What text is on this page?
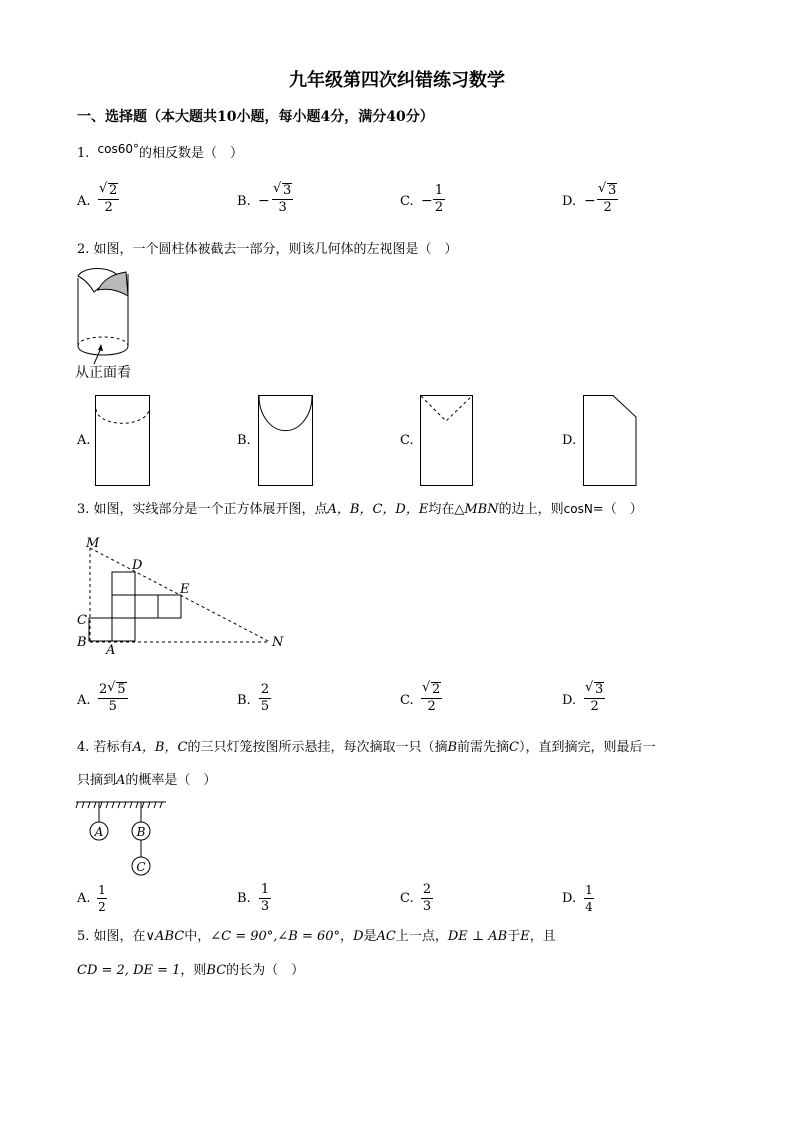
九年级第四次纠错练习数学
一、选择题（本大题共10小题，每小题4分，满分40分）
1. cos60°的相反数是（　）
A. $\frac{√ 2}{2}$	B. − $\frac{√ 3}{3}$	C. − $\frac{1}{2}$	D. − $\frac{√ 3}{2}$
2. 如图，一个圆柱体被截去一部分，则该几何体的左视图是（　）
从正面看
A.	B.	C.	D.
3. 如图，实线部分是一个正方体展开图，点A，B，C，D，E均在△MBN的边上，则cosN=（　）
M
D
E
C
B
A
N
A. $\frac{2 √ 5}{5}$	B. $\frac{2}{5}$	C. $\frac{√ 2}{2}$	D. $\frac{√ 3}{2}$
4. 若标有A，B，C的三只灯笼按图所示悬挂，每次摘取一只（摘B前需先摘C），直到摘完，则最后一
只摘到A的概率是（　）
A	B
C
A. $\frac{1}{2}$	B. $\frac{1}{3}$	C. $\frac{2}{3}$	D. $\frac{1}{4}$
5. 如图，在∨ABC中，∠C = 90°,∠B = 60°，D是AC上一点，DE ⊥ AB于E，且
CD = 2, DE = 1，则BC的长为（　）
